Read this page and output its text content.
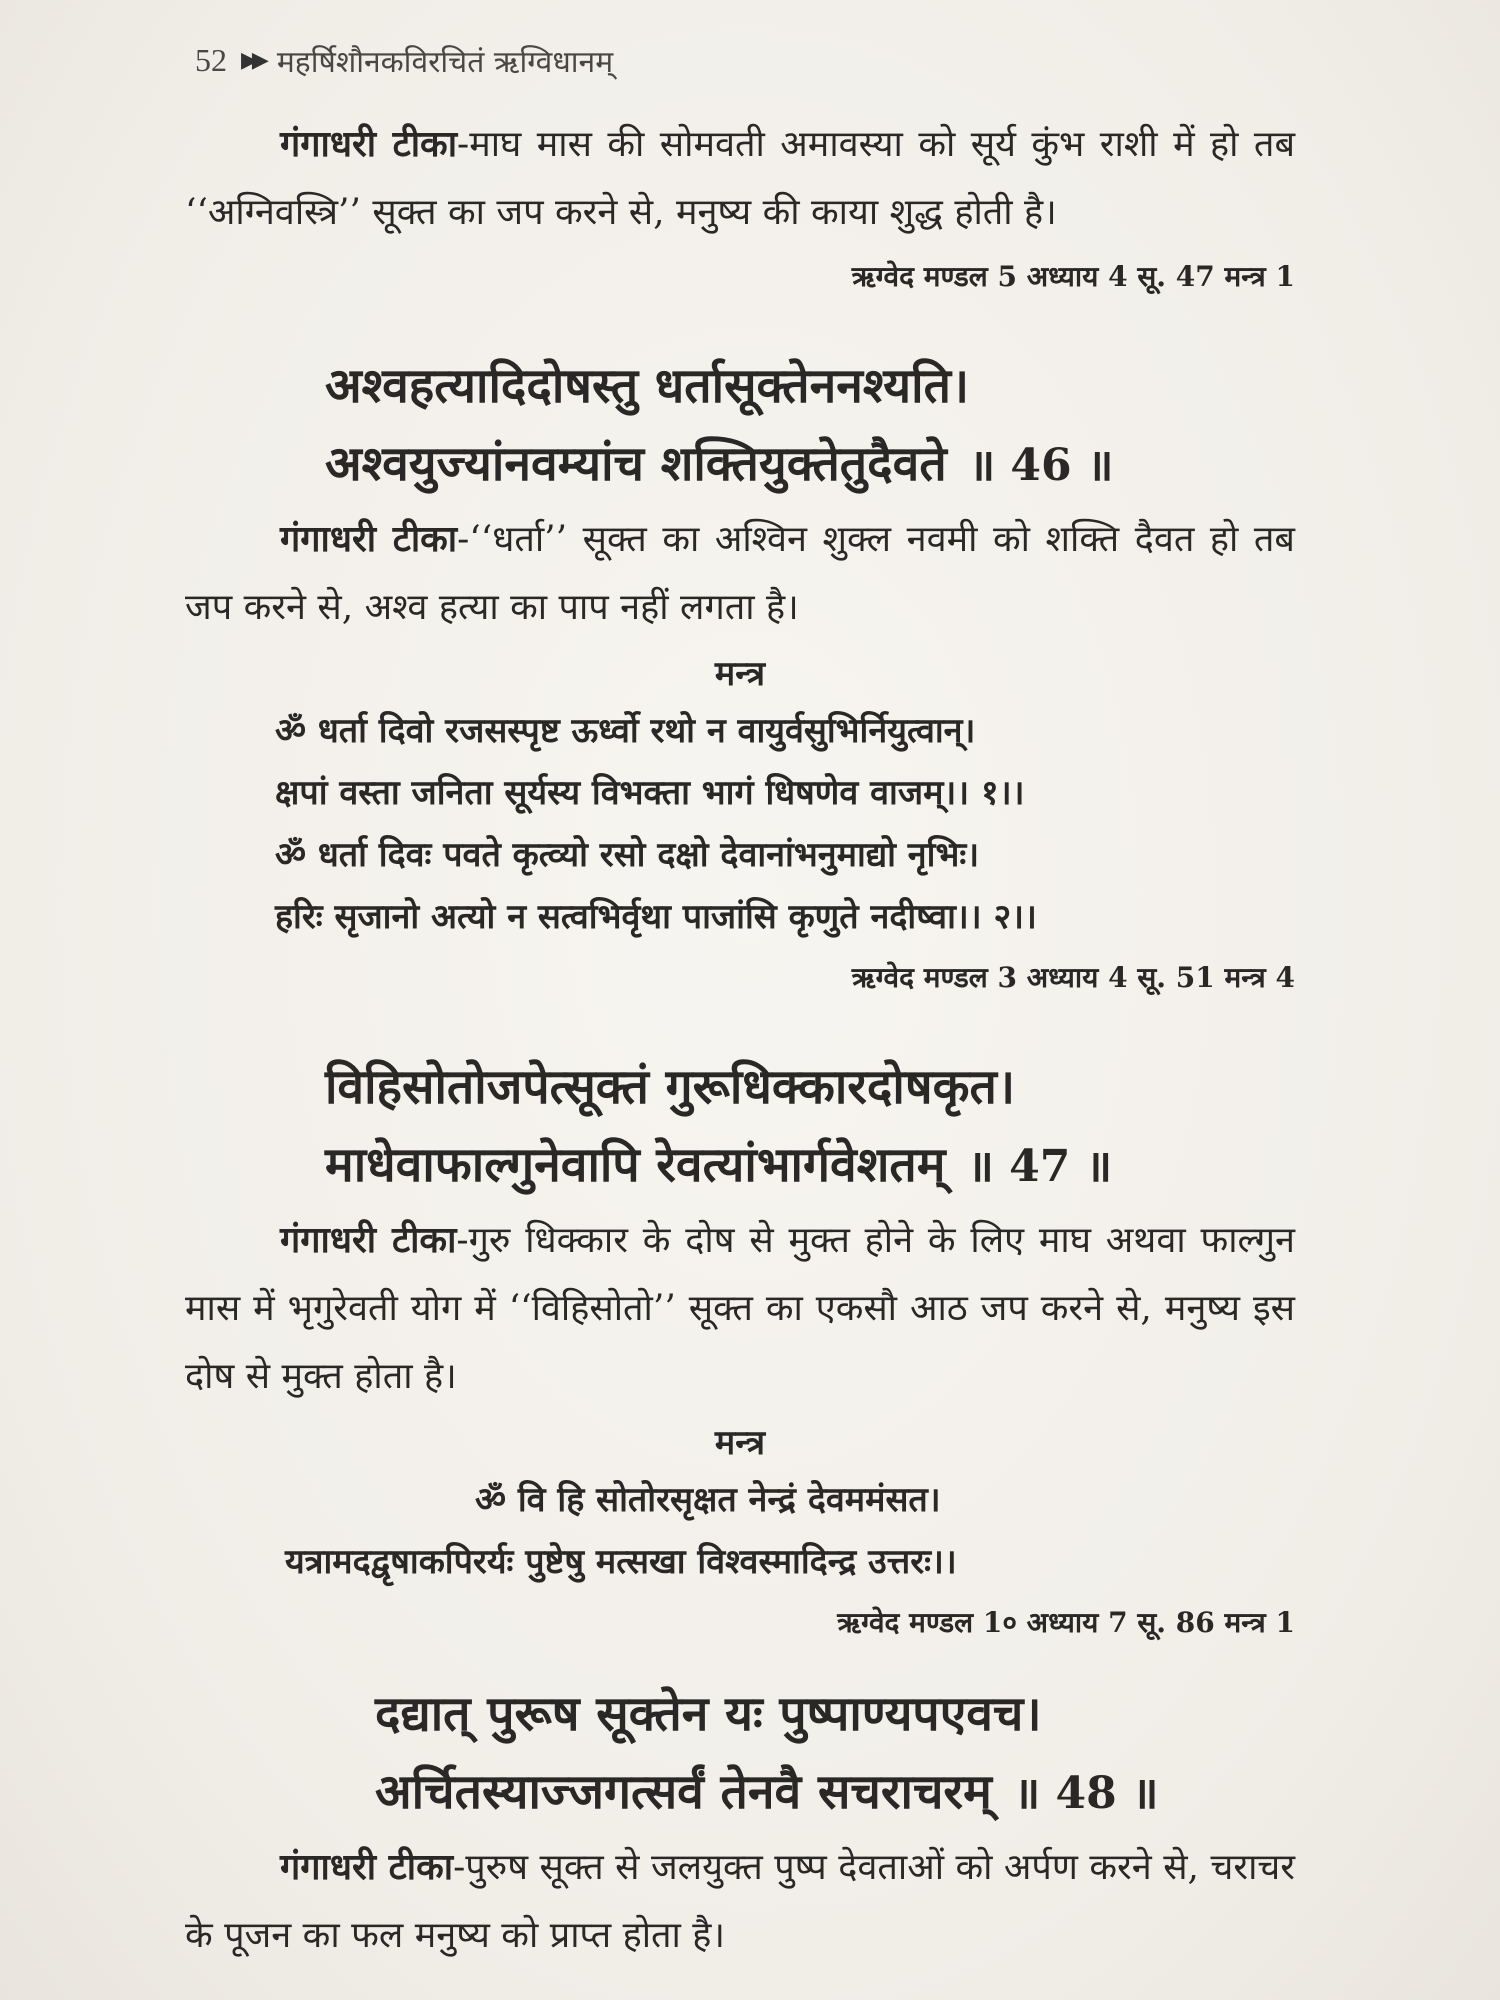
52 ▶▶ महर्षिशौनकविरचितं ऋग्विधानम्

गंगाधरी टीका-माघ मास की सोमवती अमावस्या को सूर्य कुंभ राशी में हो तब ‘‘अग्निवस्त्रि’’ सूक्त का जप करने से, मनुष्य की काया शुद्ध होती है।

ऋग्वेद मण्डल 5 अध्याय 4 सू. 47 मन्त्र 1

अश्वहत्यादिदोषस्तु धर्तासूक्तेननश्यति।

अश्वयुज्यांनवम्यांच शक्तियुक्तेतुदैवते ॥ 46 ॥

गंगाधरी टीका-‘‘धर्ता’’ सूक्त का अश्विन शुक्ल नवमी को शक्ति दैवत हो तब जप करने से, अश्व हत्या का पाप नहीं लगता है।

मन्त्र

ॐ धर्ता दिवो रजसस्पृष्ट ऊर्ध्वो रथो न वायुर्वसुभिर्नियुत्वान्।

क्षपां वस्ता जनिता सूर्यस्य विभक्ता भागं धिषणेव वाजम्।। १।।

ॐ धर्ता दिवः पवते कृत्व्यो रसो दक्षो देवानांभनुमाद्यो नृभिः।

हरिः सृजानो अत्यो न सत्वभिर्वृथा पाजांसि कृणुते नदीष्वा।। २।।

ऋग्वेद मण्डल 3 अध्याय 4 सू. 51 मन्त्र 4

विहिसोतोजपेत्सूक्तं गुरूधिक्कारदोषकृत।

माधेवाफाल्गुनेवापि रेवत्यांभार्गवेशतम् ॥ 47 ॥

गंगाधरी टीका-गुरु धिक्कार के दोष से मुक्त होने के लिए माघ अथवा फाल्गुन मास में भृगुरेवती योग में ‘‘विहिसोतो’’ सूक्त का एकसौ आठ जप करने से, मनुष्य इस दोष से मुक्त होता है।

मन्त्र

ॐ वि हि सोतोरसृक्षत नेन्द्रं देवममंसत।

यत्रामदद्वृषाकपिरर्यः पुष्टेषु मत्सखा विश्वस्मादिन्द्र उत्तरः।।

ऋग्वेद मण्डल 1० अध्याय 7 सू. 86 मन्त्र 1

दद्यात् पुरूष सूक्तेन यः पुष्पाण्यपएवच।

अर्चितस्याज्जगत्सर्वं तेनवै सचराचरम् ॥ 48 ॥

गंगाधरी टीका-पुरुष सूक्त से जलयुक्त पुष्प देवताओं को अर्पण करने से, चराचर के पूजन का फल मनुष्य को प्राप्त होता है।
